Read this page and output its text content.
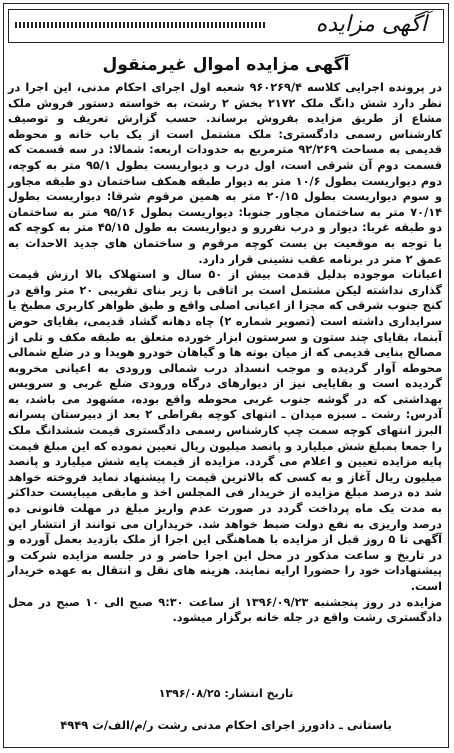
آگهی مزایده
آگهی مزایده اموال غیرمنقول

در پرونده اجرایی کلاسه ۹۶۰۲۶۹/۴ شعبه اول اجرای احکام مدنی، این اجرا در نظر دارد شش دانگ ملک ۲۱۷۲ بخش ۲ رشت، به خواسته دستور فروش ملک مشاع از طریق مزایده بفروش برساند. حسب گزارش تعریف و توصیف کارشناس رسمی دادگستری: ملک مشتمل است از یک باب خانه و محوطه قدیمی به مساحت ۹۲/۲۶۹ مترمربع به حدودات اربعه: شمالا: در سه قسمت که قسمت دوم آن شرقی است، اول درب و دیواریست بطول ۹۵/۱ متر به کوچه، دوم دیواریست بطول ۱۰/۶ متر به دیوار طبقه همکف ساختمان دو طبقه مجاور و سوم دیواریست بطول ۲۰/۱۵ متر به همین مرقوم شرقا: دیواریست بطول ۷۰/۱۴ متر به ساختمان مجاور جنوبا: دیواریست بطول ۹۵/۱۶ متر به ساختمان دو طبقه غربا: دیوار و درب نفررو و دیواریست به طول ۴۵/۱۵ متر به کوچه که با توجه به موقعیت بن بست کوچه مرقوم و ساختمان های جدید الاحداث به عمق ۲ متر در برنامه عقب نشینی قرار دارد.

اعیانات موجوده بدلیل قدمت بیش از ۵۰ سال و استهلاک بالا ارزش قیمت گذاری نداشته لیکن مشتمل است بر اتاقی با زیر بنای تقریبی ۲۰ متر واقع در کنج جنوب شرقی که مجزا از اعیانی اصلی واقع و طبق ظواهر کاربری مطبخ یا سرایداری داشته است (تصویر شماره ۲) چاه دهانه گشاد قدیمی، بقایای حوض آبنما، بقایای چند ستون و سرستون ابزار خورده متعلق به طبقه مکف و تلی از مصالح بنایی قدیمی که از میان بوته ها و گیاهان خودرو هویدا و در ضلع شمالی محوطه آوار گردیده و موجب انسداد درب شمالی ورودی به اعیانی مخروبه گردیده است و بقایایی نیز از دیوارهای درگاه ورودی ضلع غربی و سرویس بهداشتی که در گوشه جنوب غربی محوطه واقع بوده، مشهود می باشد، به آدرس: رشت ـ سبزه میدان ـ انتهای کوچه بقراطی ۲ بعد از دبیرستان پسرانه البرز انتهای کوچه سمت چپ کارشناس رسمی دادگستری قیمت ششدانگ ملک را جمعا بمبلغ شش میلیارد و پانصد میلیون ریال تعیین نموده که این مبلغ قیمت پایه مزایده تعیین و اعلام می گردد. مزایده از قیمت پایه شش میلیارد و پانصد میلیون ریال آغاز و به کسی که بالاترین قیمت را پیشنهاد نماید فروخته خواهد شد ده درصد مبلغ مزایده از خریدار فی المجلس اخذ و مابقی میبایست حداکثر به مدت یک ماه پرداخت گردد در صورت عدم واریز مبلغ در مهلت قانونی ده درصد واریزی به نفع دولت ضبط خواهد شد. خریداران می توانند از انتشار این آگهی تا ۵ روز قبل از مزایده با هماهنگی این اجرا از ملک بازدید بعمل آورده و در تاریخ و ساعت مذکور در محل این اجرا حاضر و در جلسه مزایده شرکت و پیشنهادات خود را حضورا ارایه نمایند. هزینه های نقل و انتقال به عهده خریدار است.

مزایده در روز پنجشنبه ۱۳۹۶/۰۹/۲۳ از ساعت ۹:۳۰ صبح الی ۱۰ صبح در محل دادگستری رشت واقع در جله خانه برگزار میشود.

تاریخ انتشار: ۱۳۹۶/۰۸/۲۵
باستانی ـ دادورز اجرای احکام مدنی رشت ر/م/الف/ث ۴۹۴۹
